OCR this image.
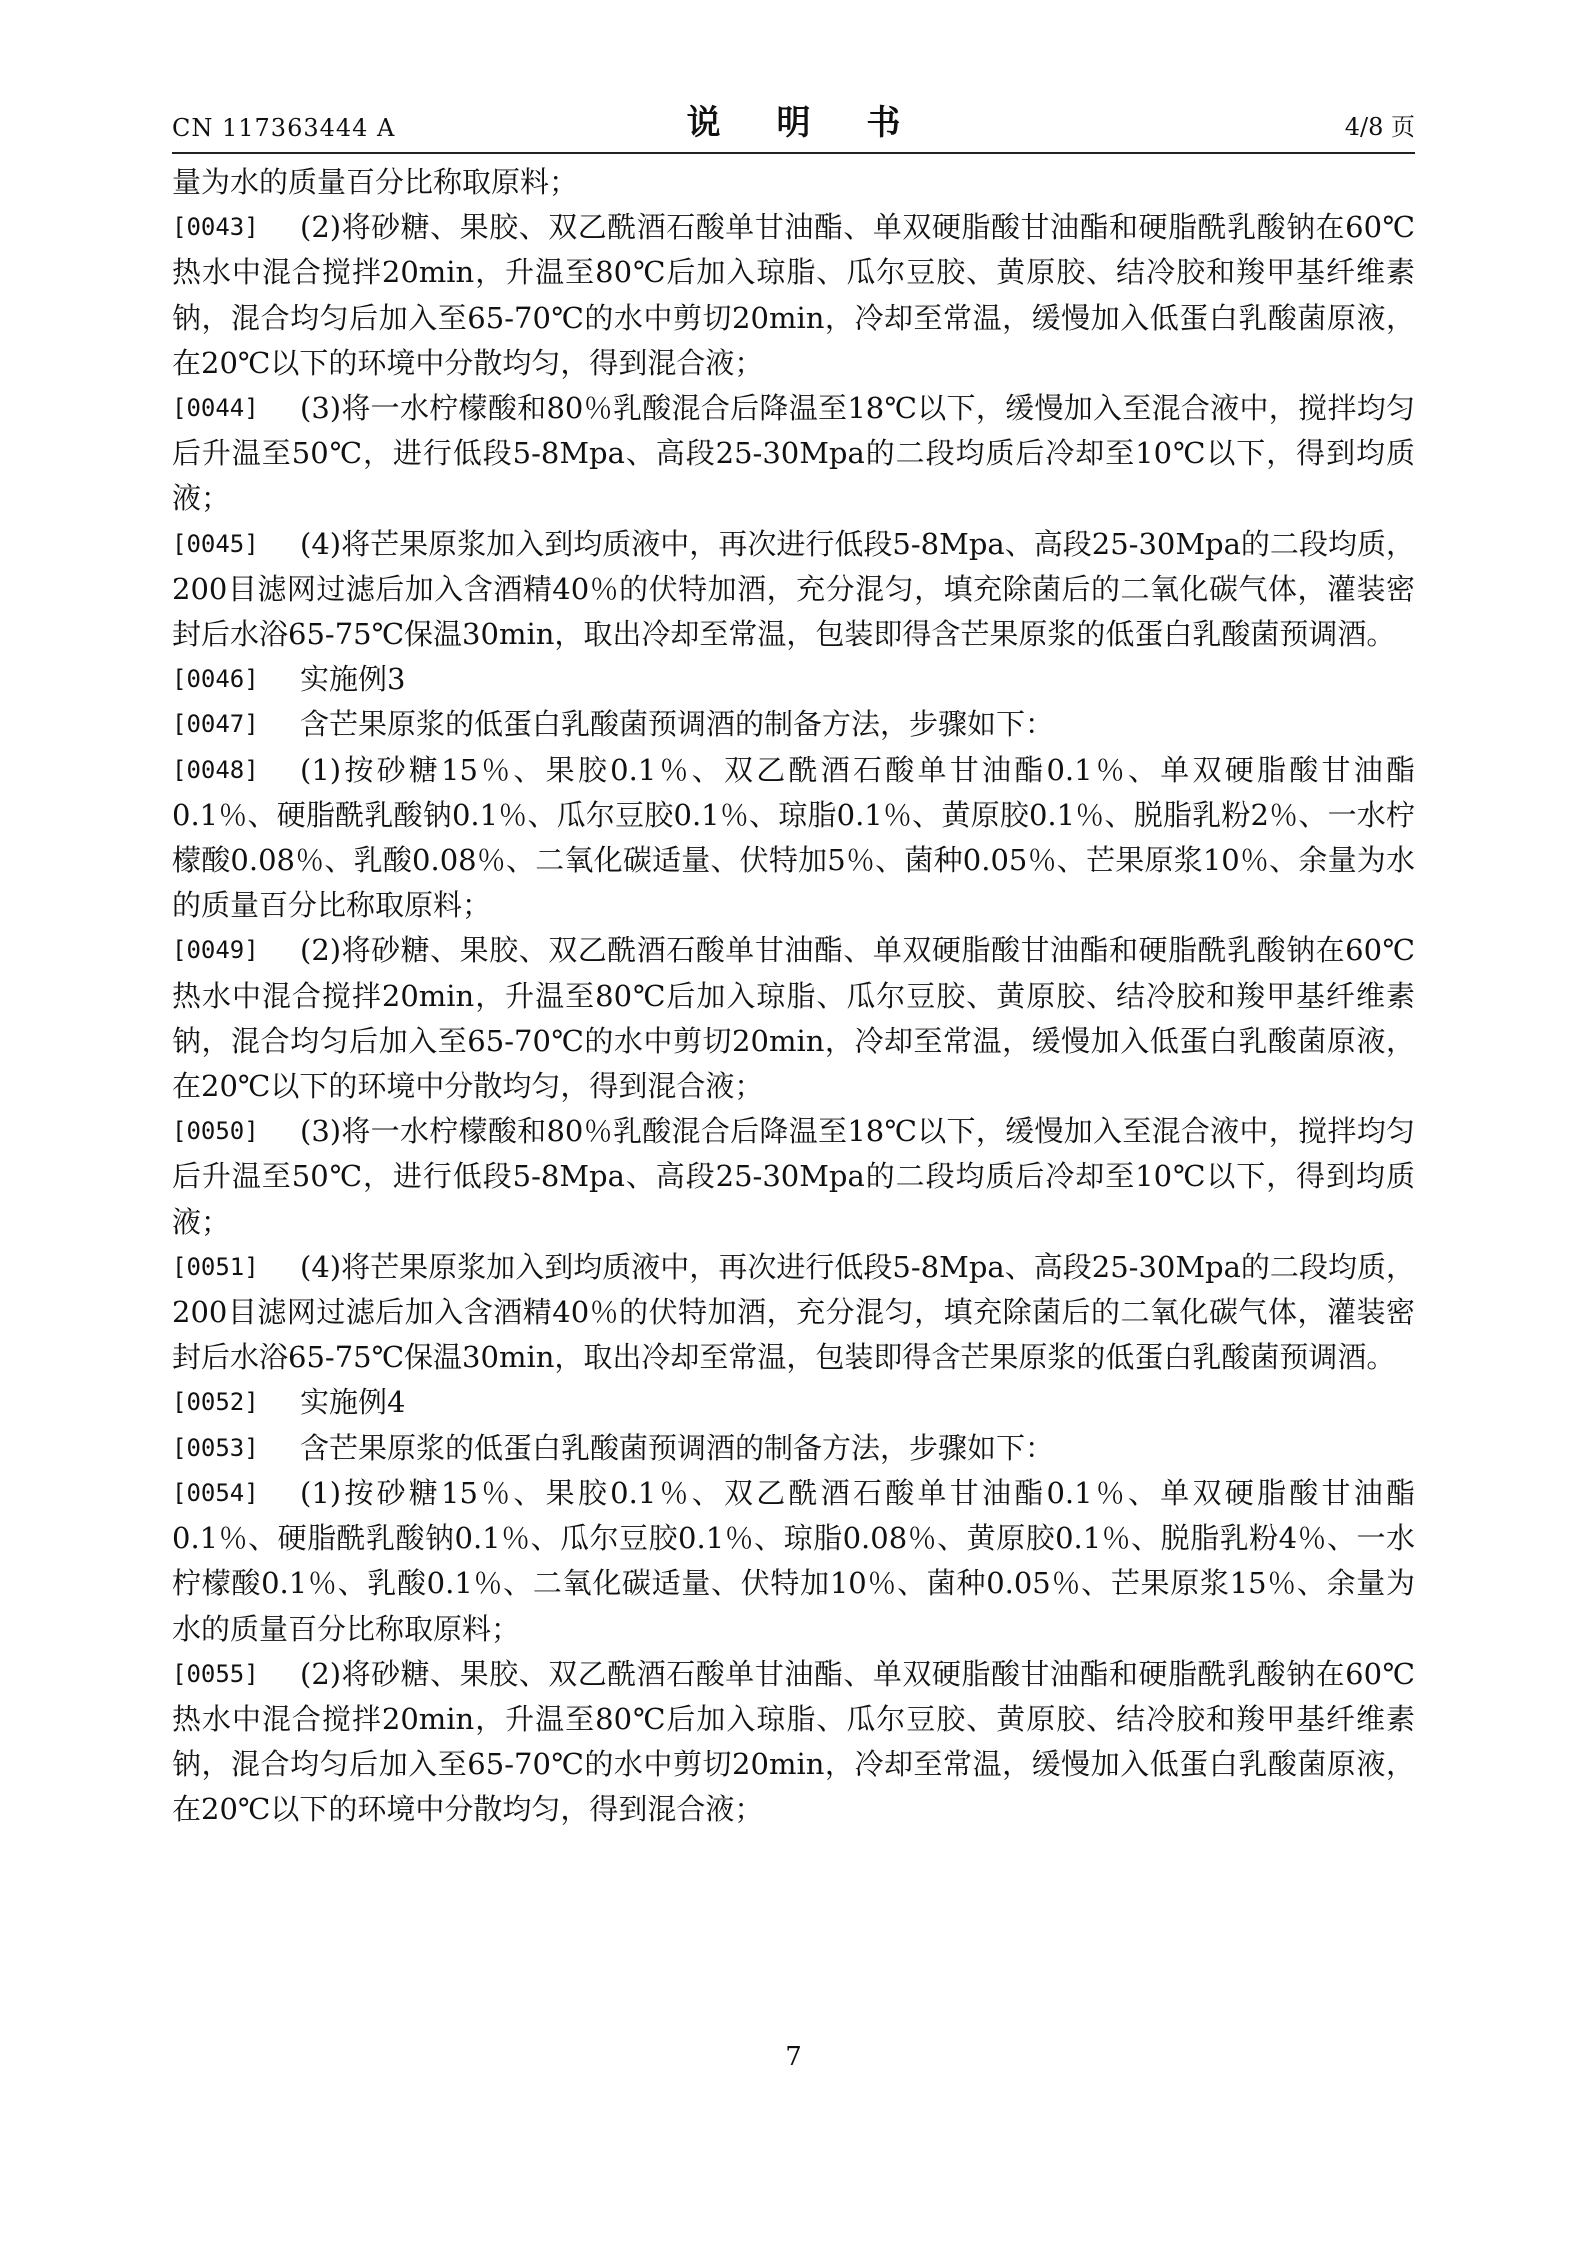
CN 117363444 A	说 明 书	4/8 页

量为水的质量百分比称取原料；

[0043] (2)将砂糖、果胶、双乙酰酒石酸单甘油酯、单双硬脂酸甘油酯和硬脂酰乳酸钠在60℃热水中混合搅拌20min，升温至80℃后加入琼脂、瓜尔豆胶、黄原胶、结冷胶和羧甲基纤维素钠，混合均匀后加入至65-70℃的水中剪切20min，冷却至常温，缓慢加入低蛋白乳酸菌原液，在20℃以下的环境中分散均匀，得到混合液；

[0044] (3)将一水柠檬酸和80％乳酸混合后降温至18℃以下，缓慢加入至混合液中，搅拌均匀后升温至50℃，进行低段5-8Mpa、高段25-30Mpa的二段均质后冷却至10℃以下，得到均质液；

[0045] (4)将芒果原浆加入到均质液中，再次进行低段5-8Mpa、高段25-30Mpa的二段均质，200目滤网过滤后加入含酒精40％的伏特加酒，充分混匀，填充除菌后的二氧化碳气体，灌装密封后水浴65-75℃保温30min，取出冷却至常温，包装即得含芒果原浆的低蛋白乳酸菌预调酒。

[0046] 实施例3

[0047] 含芒果原浆的低蛋白乳酸菌预调酒的制备方法，步骤如下：

[0048] (1)按砂糖15％、果胶0.1％、双乙酰酒石酸单甘油酯0.1％、单双硬脂酸甘油酯0.1％、硬脂酰乳酸钠0.1％、瓜尔豆胶0.1％、琼脂0.1％、黄原胶0.1％、脱脂乳粉2％、一水柠檬酸0.08％、乳酸0.08％、二氧化碳适量、伏特加5％、菌种0.05％、芒果原浆10％、余量为水的质量百分比称取原料；

[0049] (2)将砂糖、果胶、双乙酰酒石酸单甘油酯、单双硬脂酸甘油酯和硬脂酰乳酸钠在60℃热水中混合搅拌20min，升温至80℃后加入琼脂、瓜尔豆胶、黄原胶、结冷胶和羧甲基纤维素钠，混合均匀后加入至65-70℃的水中剪切20min，冷却至常温，缓慢加入低蛋白乳酸菌原液，在20℃以下的环境中分散均匀，得到混合液；

[0050] (3)将一水柠檬酸和80％乳酸混合后降温至18℃以下，缓慢加入至混合液中，搅拌均匀后升温至50℃，进行低段5-8Mpa、高段25-30Mpa的二段均质后冷却至10℃以下，得到均质液；

[0051] (4)将芒果原浆加入到均质液中，再次进行低段5-8Mpa、高段25-30Mpa的二段均质，200目滤网过滤后加入含酒精40％的伏特加酒，充分混匀，填充除菌后的二氧化碳气体，灌装密封后水浴65-75℃保温30min，取出冷却至常温，包装即得含芒果原浆的低蛋白乳酸菌预调酒。

[0052] 实施例4

[0053] 含芒果原浆的低蛋白乳酸菌预调酒的制备方法，步骤如下：

[0054] (1)按砂糖15％、果胶0.1％、双乙酰酒石酸单甘油酯0.1％、单双硬脂酸甘油酯0.1％、硬脂酰乳酸钠0.1％、瓜尔豆胶0.1％、琼脂0.08％、黄原胶0.1％、脱脂乳粉4％、一水柠檬酸0.1％、乳酸0.1％、二氧化碳适量、伏特加10％、菌种0.05％、芒果原浆15％、余量为水的质量百分比称取原料；

[0055] (2)将砂糖、果胶、双乙酰酒石酸单甘油酯、单双硬脂酸甘油酯和硬脂酰乳酸钠在60℃热水中混合搅拌20min，升温至80℃后加入琼脂、瓜尔豆胶、黄原胶、结冷胶和羧甲基纤维素钠，混合均匀后加入至65-70℃的水中剪切20min，冷却至常温，缓慢加入低蛋白乳酸菌原液，在20℃以下的环境中分散均匀，得到混合液；

7
